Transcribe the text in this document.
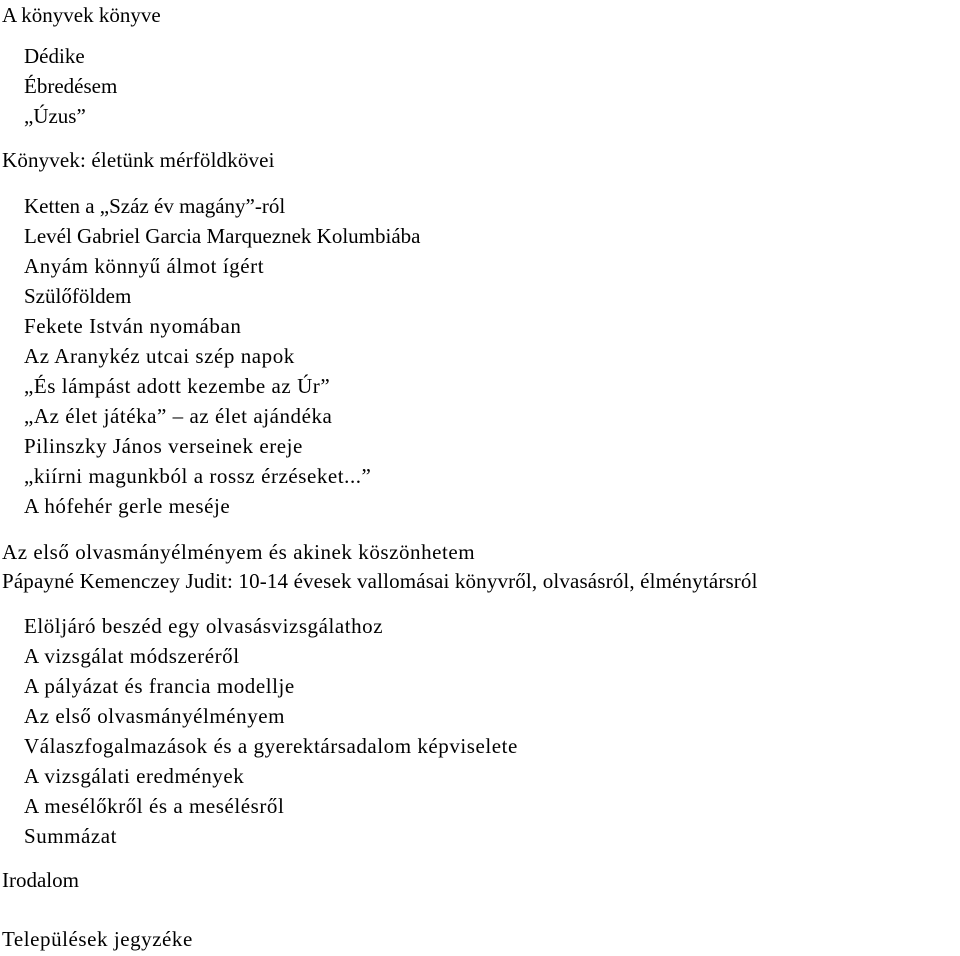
A könyvek könyve
Dédike
Ébredésem
„Úzus”
Könyvek: életünk mérföldkövei
Ketten a „Száz év magány”-ról
Levél Gabriel Garcia Marqueznek Kolumbiába
Anyám könnyű álmot ígért
Szülőföldem
Fekete István nyomában
Az Aranykéz utcai szép napok
„És lámpást adott kezembe az Úr”
„Az élet játéka” – az élet ajándéka
Pilinszky János verseinek ereje
„kiírni magunkból a rossz érzéseket...”
A hófehér gerle meséje
Az első olvasmányélményem és akinek köszönhetem
Pápayné Kemenczey Judit: 10-14 évesek vallomásai könyvről, olvasásról, élménytársról
Elöljáró beszéd egy olvasásvizsgálathoz
A vizsgálat módszeréről
A pályázat és francia modellje
Az első olvasmányélményem
Válaszfogalmazások és a gyerektársadalom képviselete
A vizsgálati eredmények
A mesélőkről és a mesélésről
Summázat
Irodalom
Települések jegyzéke
